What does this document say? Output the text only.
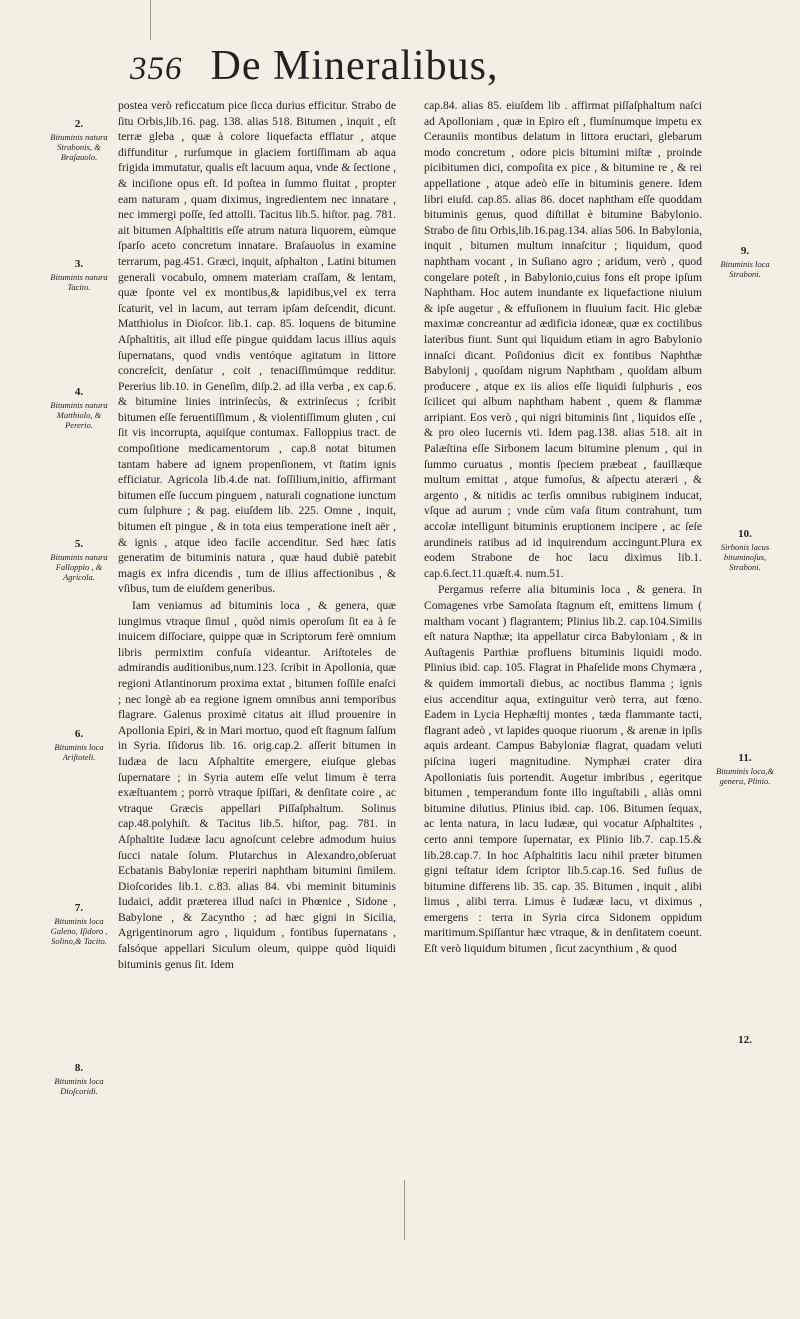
356 De Mineralibus,

postea verò reficcatum pice ſicca durius efficitur. Strabo de ſitu Orbis,lib.16. pag. 138. alias 518. Bitumen , inquit , eſt terræ gleba , quæ à colore liquefacta efflatur , atque diffunditur , rurſumque in glaciem fortiſſimam ab aqua frigida immutatur, qualis eſt lacuum aqua, vnde & ſectione , & inciſione opus eſt. Id poſtea in ſummo fluitat , propter eam naturam , quam diximus, ingredientem nec innatare , nec immergi poſſe, ſed attolli. Tacitus lib.5. hiſtor. pag. 781. ait bitumen Aſphaltitis eſſe atrum natura liquorem, eùmque ſparſo aceto concretum innatare. Braſauolus in examine terrarum, pag.451. Græci, inquit, aſphalton , Latini bitumen generali vocabulo, omnem materiam craſſam, & lentam, quæ ſponte vel ex montibus,& lapidibus,vel ex terra ſcaturit, vel in lacum, aut terram ipſam deſcendit, dicunt. Matthiolus in Dioſcor. lib.1. cap. 85. loquens de bitumine Aſphaltitis, ait illud eſſe pingue quiddam lacus illius aquis ſupernatans, quod vndis ventóque agitatum in littore concreſcit, denſatur , coit , tenaciſſimúmque redditur. Pererius lib.10. in Geneſim, diſp.2. ad illa verba , ex cap.6. & bitumine linies intrinſecùs, & extrinſecus ; ſcribit bitumen eſſe feruentiſſimum , & violentiſſimum gluten , cui ſit vis incorrupta, aquiſque contumax. Falloppius tract. de compoſitione medicamentorum , cap.8 notat bitumen tantam habere ad ignem propenſionem, vt ſtatim ignis efficiatur. Agricola lib.4.de nat. foſſilium,initio, affirmant bitumen eſſe ſuccum pinguem , naturali cognatione iunctum cum ſulphure ; & pag. eiuſdem lib. 225. Omne , inquit, bitumen eſt pingue , & in tota eius temperatione ineſt aër , & ignis , atque ideo facile accenditur. Sed hæc ſatis generatim de bituminis natura , quæ haud dubiè patebit magis ex infra dicendis , tum de illius affectionibus , & vſibus, tum de eiuſdem generibus.

Iam veniamus ad bituminis loca , & genera, quæ iungimus vtraque ſimul , quòd nimis operoſum ſit ea à ſe inuicem diſſociare, quippe quæ in Scriptorum ferè omnium libris permixtim confuſa videantur. Ariſtoteles de admirandis auditionibus,num.123. ſcribit in Apollonia, quæ regioni Atlantinorum proxima extat , bitumen foſſile enaſci ; nec longè ab ea regione ignem omnibus anni temporibus flagrare. Galenus proximè citatus ait illud prouenire in Apollonia Epiri, & in Mari mortuo, quod eſt ſtagnum ſalſum in Syria. Iſidorus lib. 16. orig.cap.2. aſſerit bitumen in Iudæa de lacu Aſphaltite emergere, eiuſque glebas ſupernatare ; in Syria autem eſſe velut limum è terra exæſtuantem ; porrò vtraque ſpiſſari, & denſitate coire , ac vtraque Græcis appellari Piſſaſphaltum. Solinus cap.48.polyhiſt. & Tacitus lib.5. hiſtor, pag. 781. in Aſphaltite Iudææ lacu agnoſcunt celebre admodum huius ſucci natale ſolum. Plutarchus in Alexandro,obſeruat Ecbatanis Babyloniæ reperiri naphtham bitumini ſimilem. Dioſcorides lib.1. c.83. alias 84. vbi meminit bituminis Iudaici, addit præterea illud naſci in Phœnice , Sidone , Babylone , & Zacyntho ; ad hæc gigni in Sicilia, Agrigentinorum agro , liquidum , fontibus ſupernatans , falsóque appellari Siculum oleum, quippe quòd liquidi bituminis genus ſit. Idem

cap.84. alias 85. eiuſdem lib . affirmat piſſaſphaltum naſci ad Apolloniam , quæ in Epiro eſt , flumínumque impetu ex Cerauniis montibus delatum in littora eructari, glebarum modo concretum , odore picis bitumini miſtæ , proinde picibitumen dici, compoſita ex pice , & bitumine re , & rei appellatione , atque adeò eſſe in bituminis genere. Idem libri eiuſd. cap.85. alias 86. docet naphtham eſſe quoddam bituminis genus, quod diſtillat è bitumine Babylonio. Strabo de ſitu Orbis,lib.16.pag.134. alias 506. In Babylonia, inquit , bitumen multum innaſcitur ; liquidum, quod naphtham vocant , in Suſiano agro ; aridum, verò , quod congelare poteſt , in Babylonio,cuius fons eſt prope ipſum Naphtham. Hoc autem inundante ex liquefactione niuium & ipſe augetur , & effuſionem in fluuium facit. Hic glebæ maximæ concreantur ad ædificia idoneæ, quæ ex coctilibus lateribus fiunt. Sunt qui liquidum etiam in agro Babylonio innaſci dicant. Poſidonius dicit ex fontibus Naphthæ Babylonij , quoſdam nigrum Naphtham , quoſdam album producere , atque ex iis alios eſſe liquidi ſulphuris , eos ſcilicet qui album naphtham habent , quem & flammæ arripiant. Eos verò , qui nigri bituminis ſint , liquidos eſſe , & pro oleo lucernis vti. Idem pag.138. alias 518. ait in Palæſtina eſſe Sirbonem lacum bitumine plenum , qui in ſummo curuatus , montis ſpeciem præbeat , fauillæque multum emittat , atque fumoſus, & aſpectu ateræri , & argento , & nitidis ac terſis omnibus rubiginem inducat, vſque ad aurum ; vnde cùm vaſa ſitum contrahunt, tum accolæ intelligunt bituminis eruptionem incipere , ac ſeſe arundineis ratibus ad id inquirendum accingunt.Plura ex eodem Strabone de hoc lacu diximus lib.1. cap.6.ſect.11.quæſt.4. num.51.

Pergamus referre alia bituminis loca , & genera. In Comagenes vrbe Samoſata ſtagnum eſt, emittens limum ( maltham vocant ) flagrantem; Plinius lib.2. cap.104.Similis eſt natura Napthæ; ita appellatur circa Babyloniam , & in Auſtagenis Parthiæ profluens bituminis liquidi modo. Plinius ibid. cap. 105. Flagrat in Phaſelide mons Chymæra , & quidem immortali diebus, ac noctibus flamma ; ignis eius accenditur aqua, extinguitur verò terra, aut fœno. Eadem in Lycia Hephæſtij montes , tæda flammante tacti, flagrant adeò , vt lapides quoque riuorum , & arenæ in ipſis aquis ardeant. Campus Babyloniæ flagrat, quadam veluti piſcina iugeri magnitudine. Nymphæi crater dira Apolloniatis ſuis portendit. Augetur imbribus , egeritque bitumen , temperandum fonte illo inguſtabili , aliàs omni bitumine dilutius. Plinius ibid. cap. 106. Bitumen ſequax, ac lenta natura, in lacu Iudææ, qui vocatur Aſphaltites , certo anni tempore ſupernatar, ex Plinio lib.7. cap.15.& lib.28.cap.7. In hoc Aſphaltitis lacu nihil præter bitumen gigni teſtatur idem ſcriptor lib.5.cap.16. Sed fuſius de bitumine differens lib. 35. cap. 35. Bitumen , inquit , alibi limus , alibi terra. Limus è Iudææ lacu, vt diximus , emergens : terra in Syria circa Sidonem oppidum maritimum.Spiſſantur hæc vtraque, & in denſitatem coeunt. Eſt verò liquidum bitumen , ſicut zacynthium , & quod

2.
Bituminis natura Strabonis, & Braſauolo.
3.
Bituminis natura Tacito.
4.
Bituminis natura Matthiolo, & Pererio.
5.
Bituminis natura Falloppio , & Agricola.
6.
Bituminis loca Ariſtoteli.
7.
Bituminis loca Galeno, Iſidoro , Solino,& Tacito.
8.
Bituminis loca Dioſcoridi.
9.
Bituminis loca Straboni.
10.
Sirbonis lacus bituminoſus, Straboni.
11.
Bituminis loca,& genera, Plinio.
12.
